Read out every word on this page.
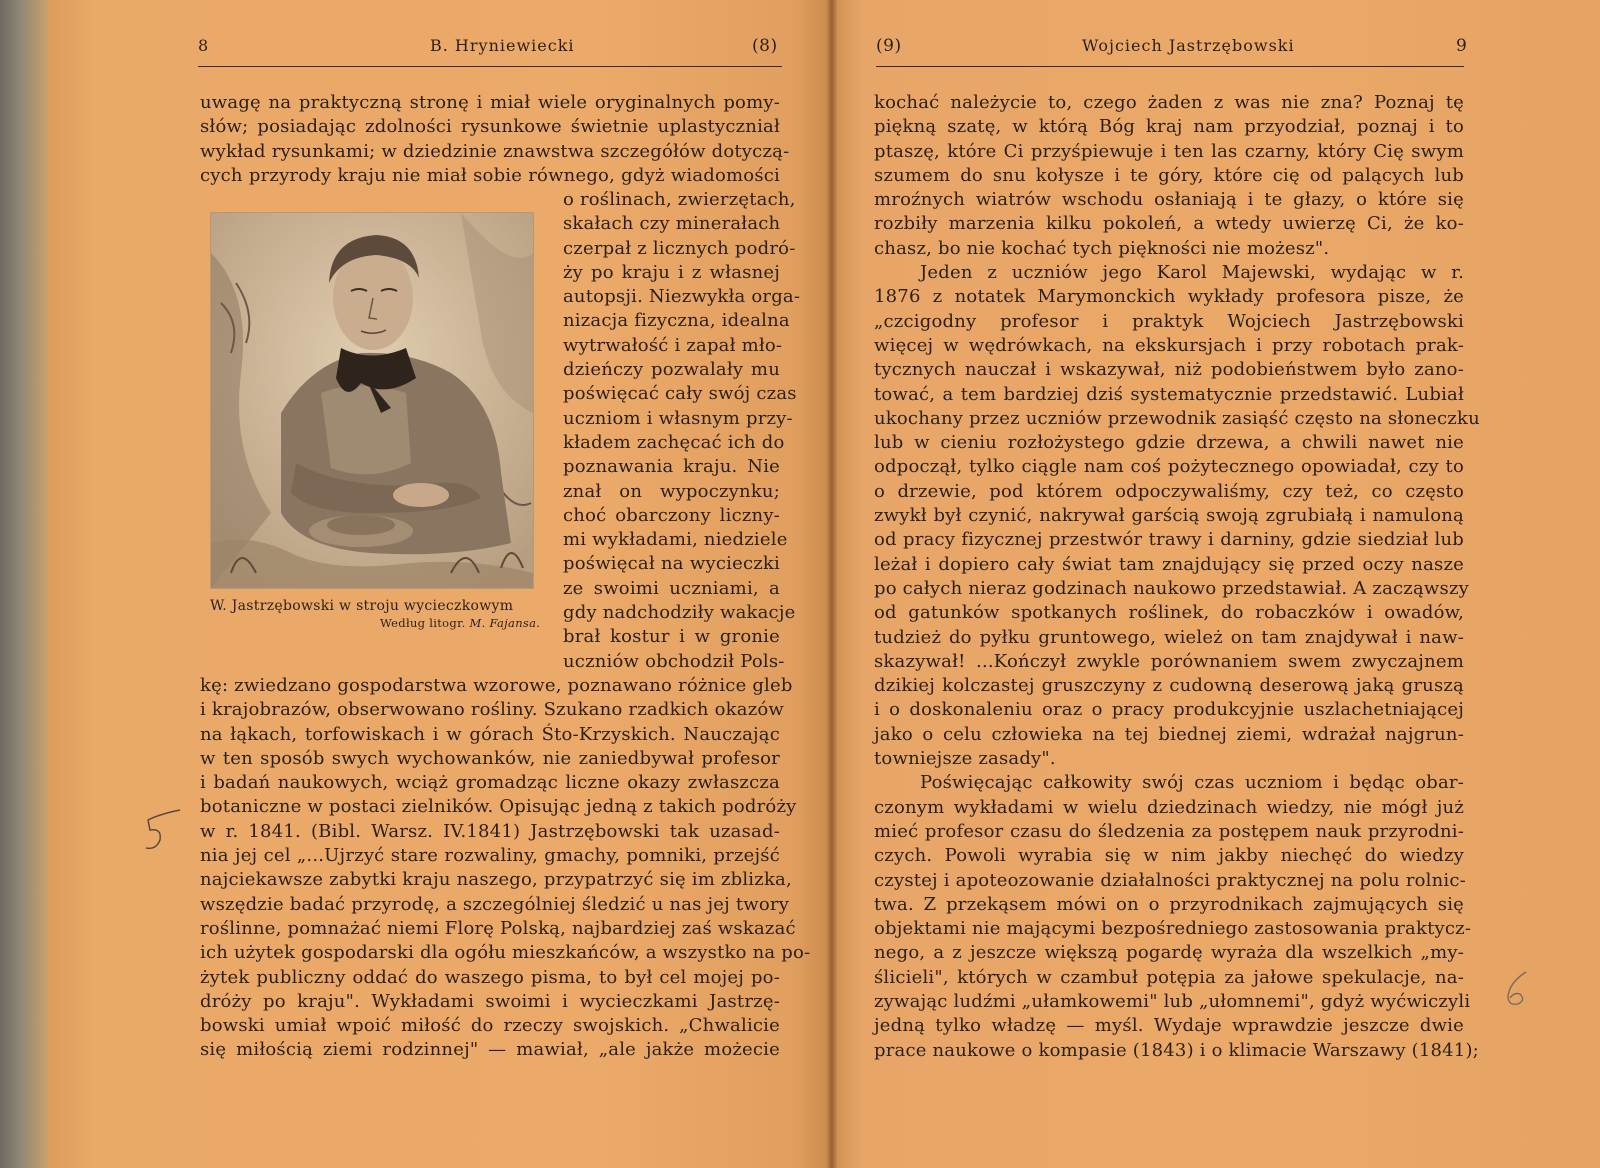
8	B. Hryniewiecki	(8)
uwagę na praktyczną stronę i miał wiele oryginalnych pomy-
słów; posiadając zdolności rysunkowe świetnie uplastyczniał
wykład rysunkami; w dziedzinie znawstwa szczegółów dotyczą-
cych przyrody kraju nie miał sobie równego, gdyż wiadomości
W. Jastrzębowski w stroju wycieczkowym
Według litogr. M. Fajansa.
o roślinach, zwierzętach,
skałach czy minerałach
czerpał z licznych podró-
ży po kraju i z własnej
autopsji. Niezwykła orga-
nizacja fizyczna, idealna
wytrwałość i zapał mło-
dzieńczy pozwalały mu
poświęcać cały swój czas
uczniom i własnym przy-
kładem zachęcać ich do
poznawania kraju. Nie
znał on wypoczynku;
choć obarczony liczny-
mi wykładami, niedziele
poświęcał na wycieczki
ze swoimi uczniami, a
gdy nadchodziły wakacje
brał kostur i w gronie
uczniów obchodził Pols-
kę: zwiedzano gospodarstwa wzorowe, poznawano różnice gleb
i krajobrazów, obserwowano rośliny. Szukano rzadkich okazów
na łąkach, torfowiskach i w górach Śto-Krzyskich. Nauczając
w ten sposób swych wychowanków, nie zaniedbywał profesor
i badań naukowych, wciąż gromadząc liczne okazy zwłaszcza
botaniczne w postaci zielników. Opisując jedną z takich podróży
w r. 1841. (Bibl. Warsz. IV.1841) Jastrzębowski tak uzasad-
nia jej cel „...Ujrzyć stare rozwaliny, gmachy, pomniki, przejść
najciekawsze zabytki kraju naszego, przypatrzyć się im zblizka,
wszędzie badać przyrodę, a szczególniej śledzić u nas jej twory
roślinne, pomnażać niemi Florę Polską, najbardziej zaś wskazać
ich użytek gospodarski dla ogółu mieszkańców, a wszystko na po-
żytek publiczny oddać do waszego pisma, to był cel mojej po-
dróży po kraju". Wykładami swoimi i wycieczkami Jastrzę-
bowski umiał wpoić miłość do rzeczy swojskich. „Chwalicie
się miłością ziemi rodzinnej" — mawiał, „ale jakże możecie
(9)	Wojciech Jastrzębowski	9
kochać należycie to, czego żaden z was nie zna? Poznaj tę
piękną szatę, w którą Bóg kraj nam przyodział, poznaj i to
ptaszę, które Ci przyśpiewuje i ten las czarny, który Cię swym
szumem do snu kołysze i te góry, które cię od palących lub
mroźnych wiatrów wschodu osłaniają i te głazy, o które się
rozbiły marzenia kilku pokoleń, a wtedy uwierzę Ci, że ko-
chasz, bo nie kochać tych piękności nie możesz".
Jeden z uczniów jego Karol Majewski, wydając w r.
1876 z notatek Marymonckich wykłady profesora pisze, że
„czcigodny profesor i praktyk Wojciech Jastrzębowski
więcej w wędrówkach, na ekskursjach i przy robotach prak-
tycznych nauczał i wskazywał, niż podobieństwem było zano-
tować, a tem bardziej dziś systematycznie przedstawić. Lubiał
ukochany przez uczniów przewodnik zasiąść często na słoneczku
lub w cieniu rozłożystego gdzie drzewa, a chwili nawet nie
odpoczął, tylko ciągle nam coś pożytecznego opowiadał, czy to
o drzewie, pod którem odpoczywaliśmy, czy też, co często
zwykł był czynić, nakrywał garścią swoją zgrubiałą i namuloną
od pracy fizycznej przestwór trawy i darniny, gdzie siedział lub
leżał i dopiero cały świat tam znajdujący się przed oczy nasze
po całych nieraz godzinach naukowo przedstawiał. A zacząwszy
od gatunków spotkanych roślinek, do robaczków i owadów,
tudzież do pyłku gruntowego, wieleż on tam znajdywał i naw-
skazywał! ...Kończył zwykle porównaniem swem zwyczajnem
dzikiej kolczastej gruszczyny z cudowną deserową jaką gruszą
i o doskonaleniu oraz o pracy produkcyjnie uszlachetniającej
jako o celu człowieka na tej biednej ziemi, wdrażał najgrun-
towniejsze zasady".
Poświęcając całkowity swój czas uczniom i będąc obar-
czonym wykładami w wielu dziedzinach wiedzy, nie mógł już
mieć profesor czasu do śledzenia za postępem nauk przyrodni-
czych. Powoli wyrabia się w nim jakby niechęć do wiedzy
czystej i apoteozowanie działalności praktycznej na polu rolnic-
twa. Z przekąsem mówi on o przyrodnikach zajmujących się
objektami nie mającymi bezpośredniego zastosowania praktycz-
nego, a z jeszcze większą pogardę wyraża dla wszelkich „my-
ślicieli", których w czambuł potępia za jałowe spekulacje, na-
zywając ludźmi „ułamkowemi" lub „ułomnemi", gdyż wyćwiczyli
jedną tylko władzę — myśl. Wydaje wprawdzie jeszcze dwie
prace naukowe o kompasie (1843) i o klimacie Warszawy (1841);
